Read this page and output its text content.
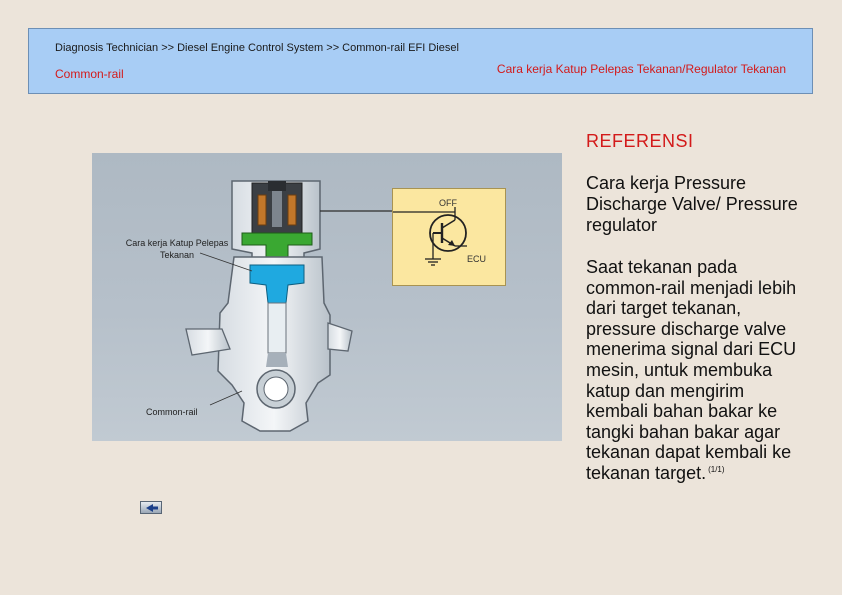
Diagnosis Technician >> Diesel Engine Control System >> Common-rail EFI Diesel
Common-rail	Cara kerja Katup Pelepas Tekanan/Regulator Tekanan
Cara kerja Katup Pelepas Tekanan
Common-rail
OFF
ECU
REFERENSI
Cara kerja Pressure Discharge Valve/ Pressure regulator
Saat tekanan pada common-rail menjadi lebih dari target tekanan, pressure discharge valve menerima signal dari ECU mesin, untuk membuka katup dan mengirim kembali bahan bakar ke tangki bahan bakar agar tekanan dapat kembali ke tekanan target. $^{(1/1)}$
